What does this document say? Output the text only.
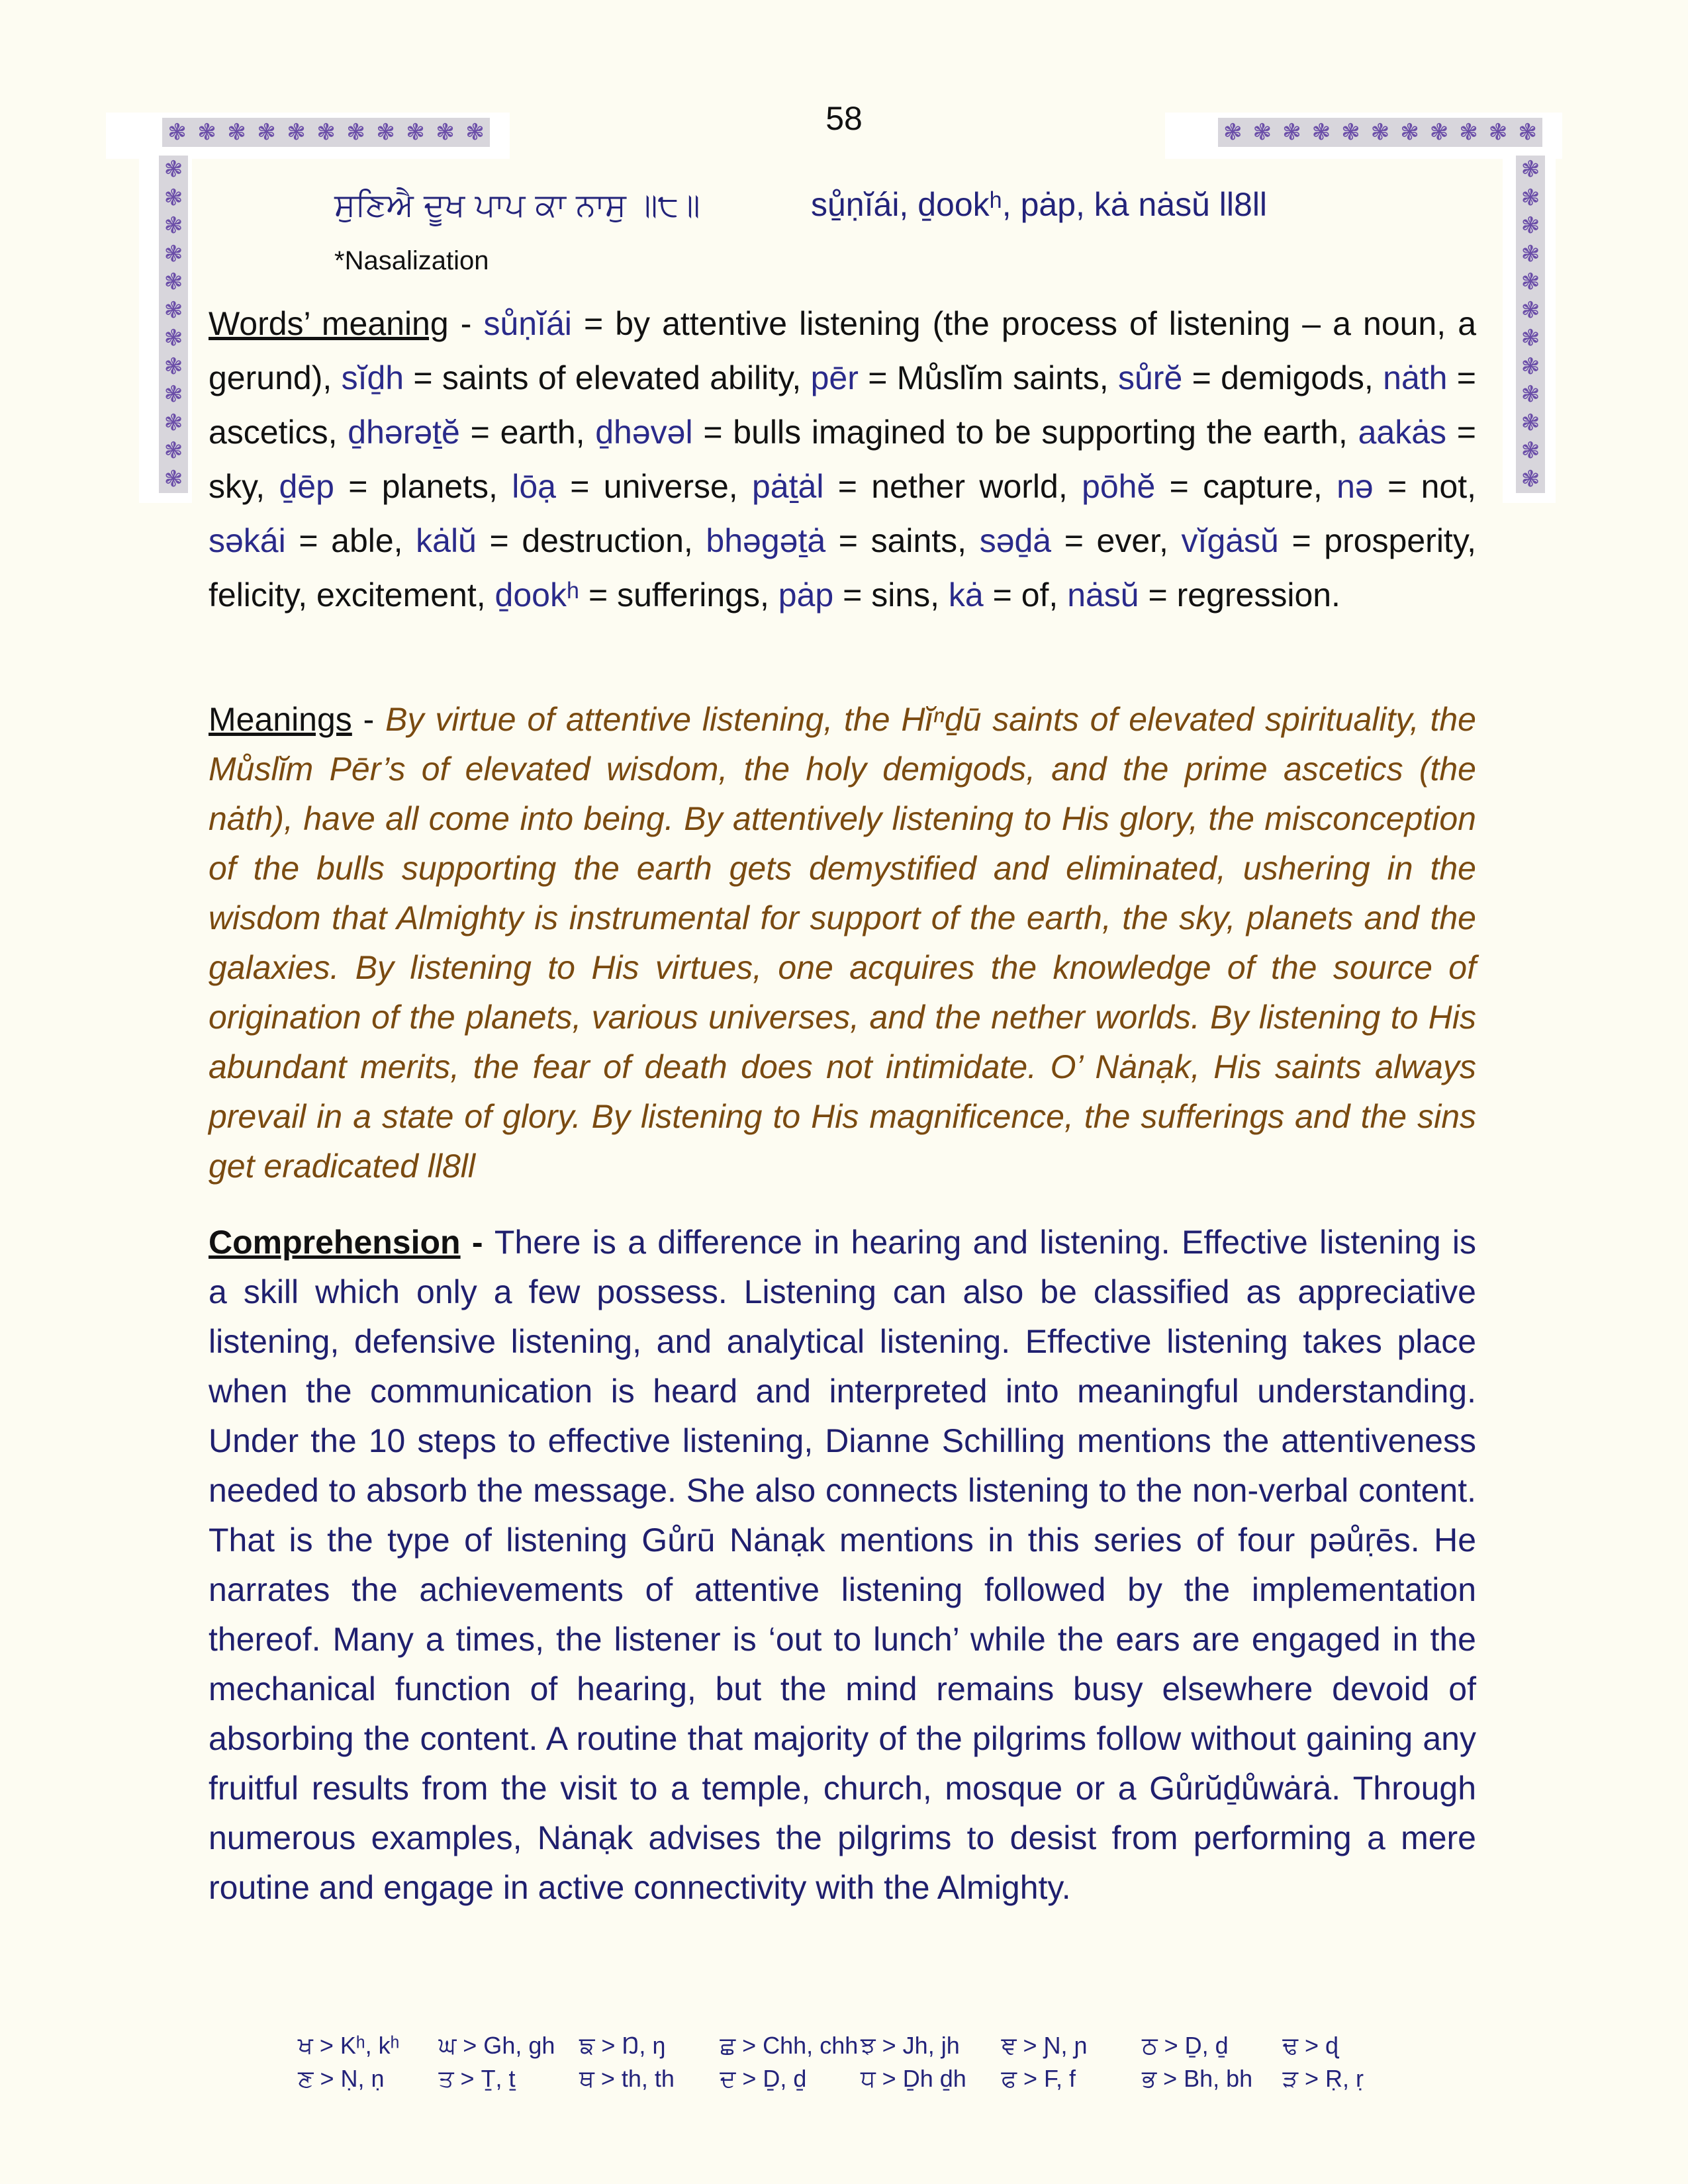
❃ ❃ ❃ ❃ ❃ ❃ ❃ ❃ ❃ ❃ ❃	❃ ❃ ❃ ❃ ❃ ❃ ❃ ❃ ❃ ❃ ❃
❃
❃
❃
❃
❃
❃
❃
❃
❃
❃
❃
❃
❃
❃
❃
❃
❃
❃
❃
❃
❃
❃
❃
❃
58
ਸੁਣਿਐ ਦੂਖ ਪਾਪ ਕਾ ਨਾਸੁ ॥੮॥	sů̱ṇĭái, ḏookʰ, pȧp, kȧ nȧsŭ ll8ll
*Nasalization
Words’ meaning - sůṇĭái = by attentive listening (the process of listening – a noun, a gerund), sĭḏh = saints of elevated ability, pēr = Můslĭm saints, sůrĕ = demigods, nȧth = ascetics, ḏhərəṯĕ = earth, ḏhəvəl = bulls imagined to be supporting the earth, aakȧs = sky, ḏēp = planets, lōạ = universe, pȧṯȧl = nether world, pōhĕ = capture, nə = not, səkái = able, kȧlŭ = destruction, bhəgəṯȧ = saints, səḏȧ = ever, vĭgȧsŭ = prosperity, felicity, excitement, ḏookʰ = sufferings, pȧp = sins, kȧ = of, nȧsŭ = regression.
Meanings - By virtue of attentive listening, the Hĭⁿḏū saints of elevated spirituality, the Můslĭm Pēr’s of elevated wisdom, the holy demigods, and the prime ascetics (the nȧth), have all come into being. By attentively listening to His glory, the misconception of the bulls supporting the earth gets demystified and eliminated, ushering in the wisdom that Almighty is instrumental for support of the earth, the sky, planets and the galaxies. By listening to His virtues, one acquires the knowledge of the source of origination of the planets, various universes, and the nether worlds. By listening to His abundant merits, the fear of death does not intimidate. O’ Nȧnạk, His saints always prevail in a state of glory. By listening to His magnificence, the sufferings and the sins get eradicated ll8ll
Comprehension - There is a difference in hearing and listening. Effective listening is a skill which only a few possess. Listening can also be classified as appreciative listening, defensive listening, and analytical listening. Effective listening takes place when the communication is heard and interpreted into meaningful understanding. Under the 10 steps to effective listening, Dianne Schilling mentions the attentiveness needed to absorb the message. She also connects listening to the non-verbal content. That is the type of listening Gůrū Nȧnạk mentions in this series of four pəůṛēs. He narrates the achievements of attentive listening followed by the implementation thereof. Many a times, the listener is ‘out to lunch’ while the ears are engaged in the mechanical function of hearing, but the mind remains busy elsewhere devoid of absorbing the content. A routine that majority of the pilgrims follow without gaining any fruitful results from the visit to a temple, church, mosque or a Gůrŭḏůwȧrȧ. Through numerous examples, Nȧnạk advises the pilgrims to desist from performing a mere routine and engage in active connectivity with the Almighty.
ਖ > Kʰ, kʰ	ਘ > Gh, gh	ਙ > Ŋ, ŋ	ਛ > Chh, chh ਝ > Jh, jh	ਞ > Ɲ, ɲ	ਠ > Ḏ, ḏ	ਢ > ɖ
ਣ > Ṇ, ṇ	ਤ > Ṯ, ṯ	ਥ > th, th	ਦ > Ḏ, ḏ	ਧ > Ḏh ḏh	ਫ > F, f	ਭ > Bh, bh	ੜ > Ṛ, ṛ
